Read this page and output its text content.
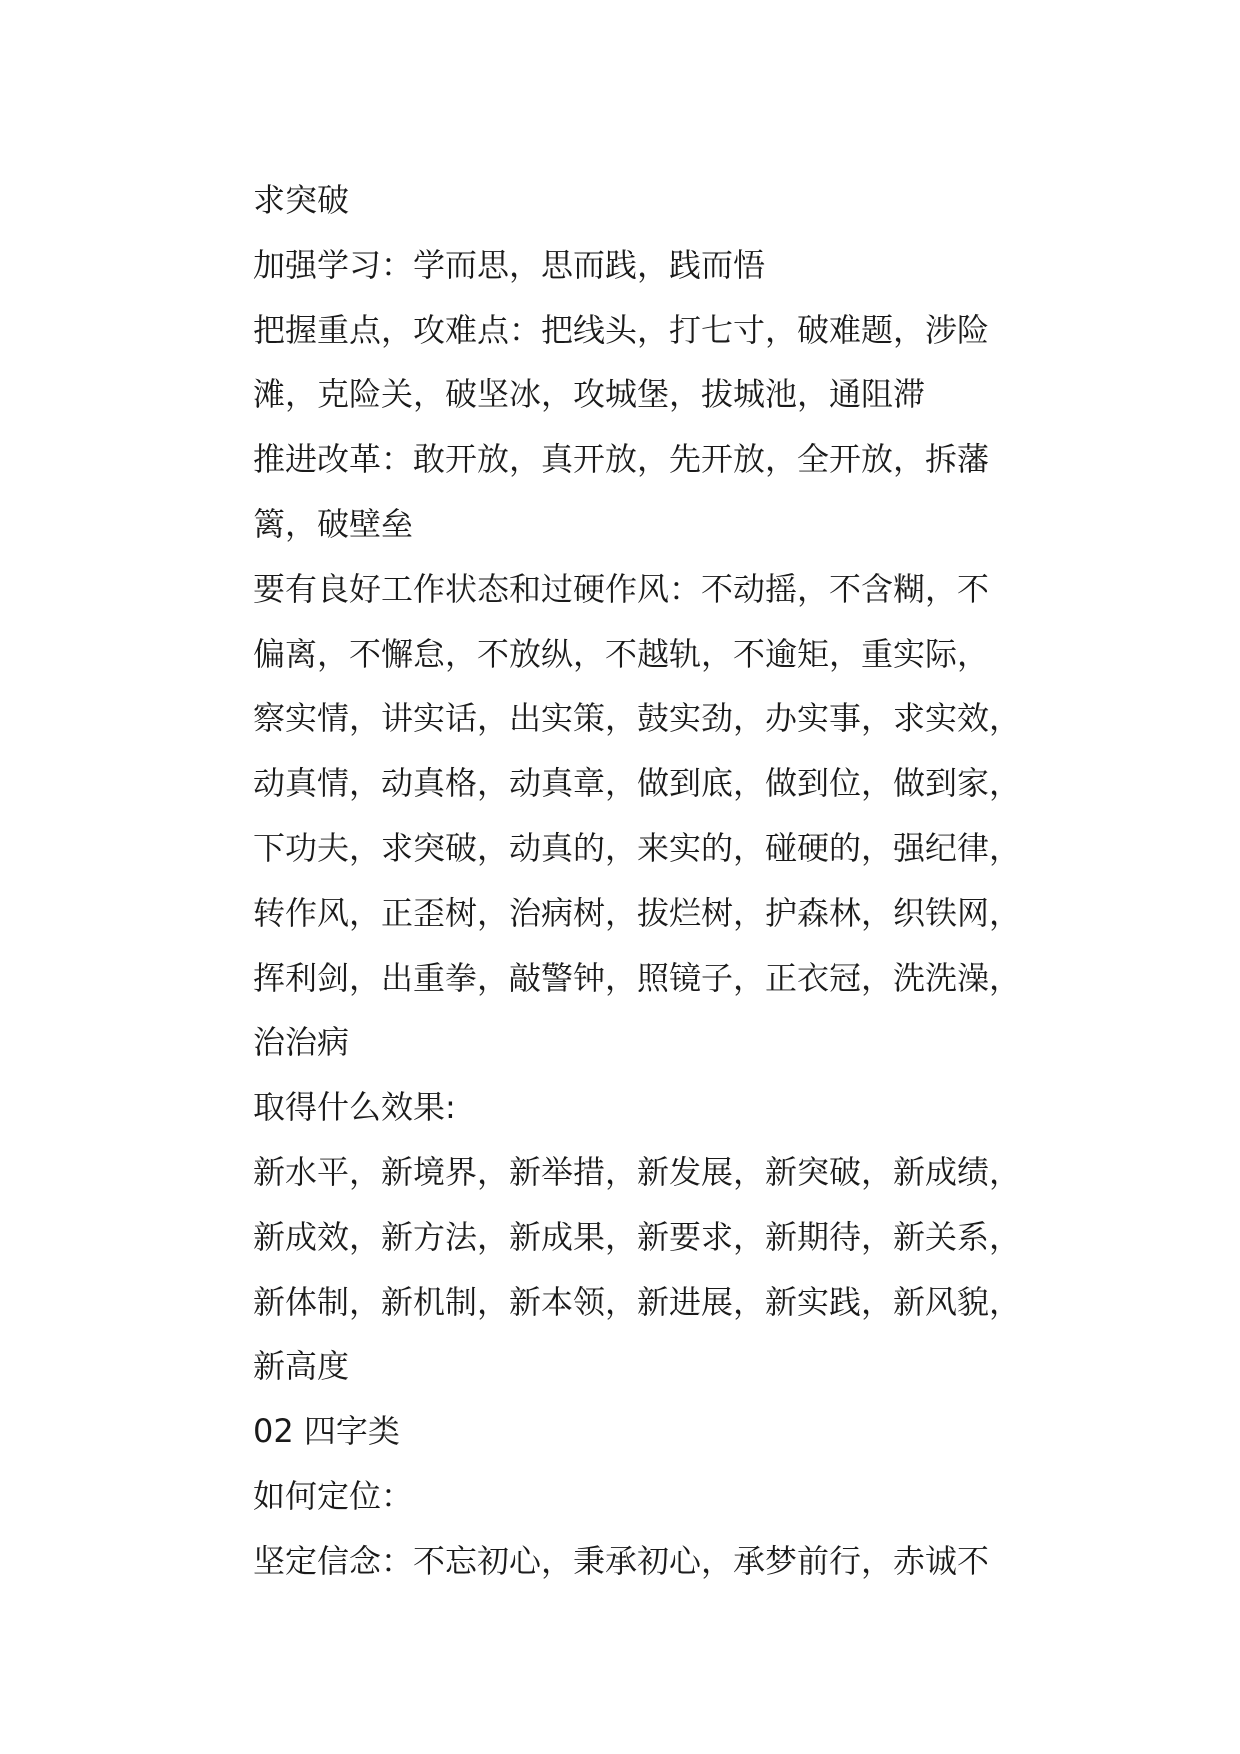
求突破

加强学习：学而思，思而践，践而悟

把握重点，攻难点：把线头，打七寸，破难题，涉险

滩，克险关，破坚冰，攻城堡，拔城池，通阻滞

推进改革：敢开放，真开放，先开放，全开放，拆藩

篱，破壁垒

要有良好工作状态和过硬作风：不动摇，不含糊，不

偏离，不懈怠，不放纵，不越轨，不逾矩，重实际，

察实情，讲实话，出实策，鼓实劲，办实事，求实效，

动真情，动真格，动真章，做到底，做到位，做到家，

下功夫，求突破，动真的，来实的，碰硬的，强纪律，

转作风，正歪树，治病树，拔烂树，护森林，织铁网，

挥利剑，出重拳，敲警钟，照镜子，正衣冠，洗洗澡，

治治病

取得什么效果:

新水平，新境界，新举措，新发展，新突破，新成绩，

新成效，新方法，新成果，新要求，新期待，新关系，

新体制，新机制，新本领，新进展，新实践，新风貌，

新高度

02 四字类

如何定位：

坚定信念：不忘初心，秉承初心，承梦前行，赤诚不
